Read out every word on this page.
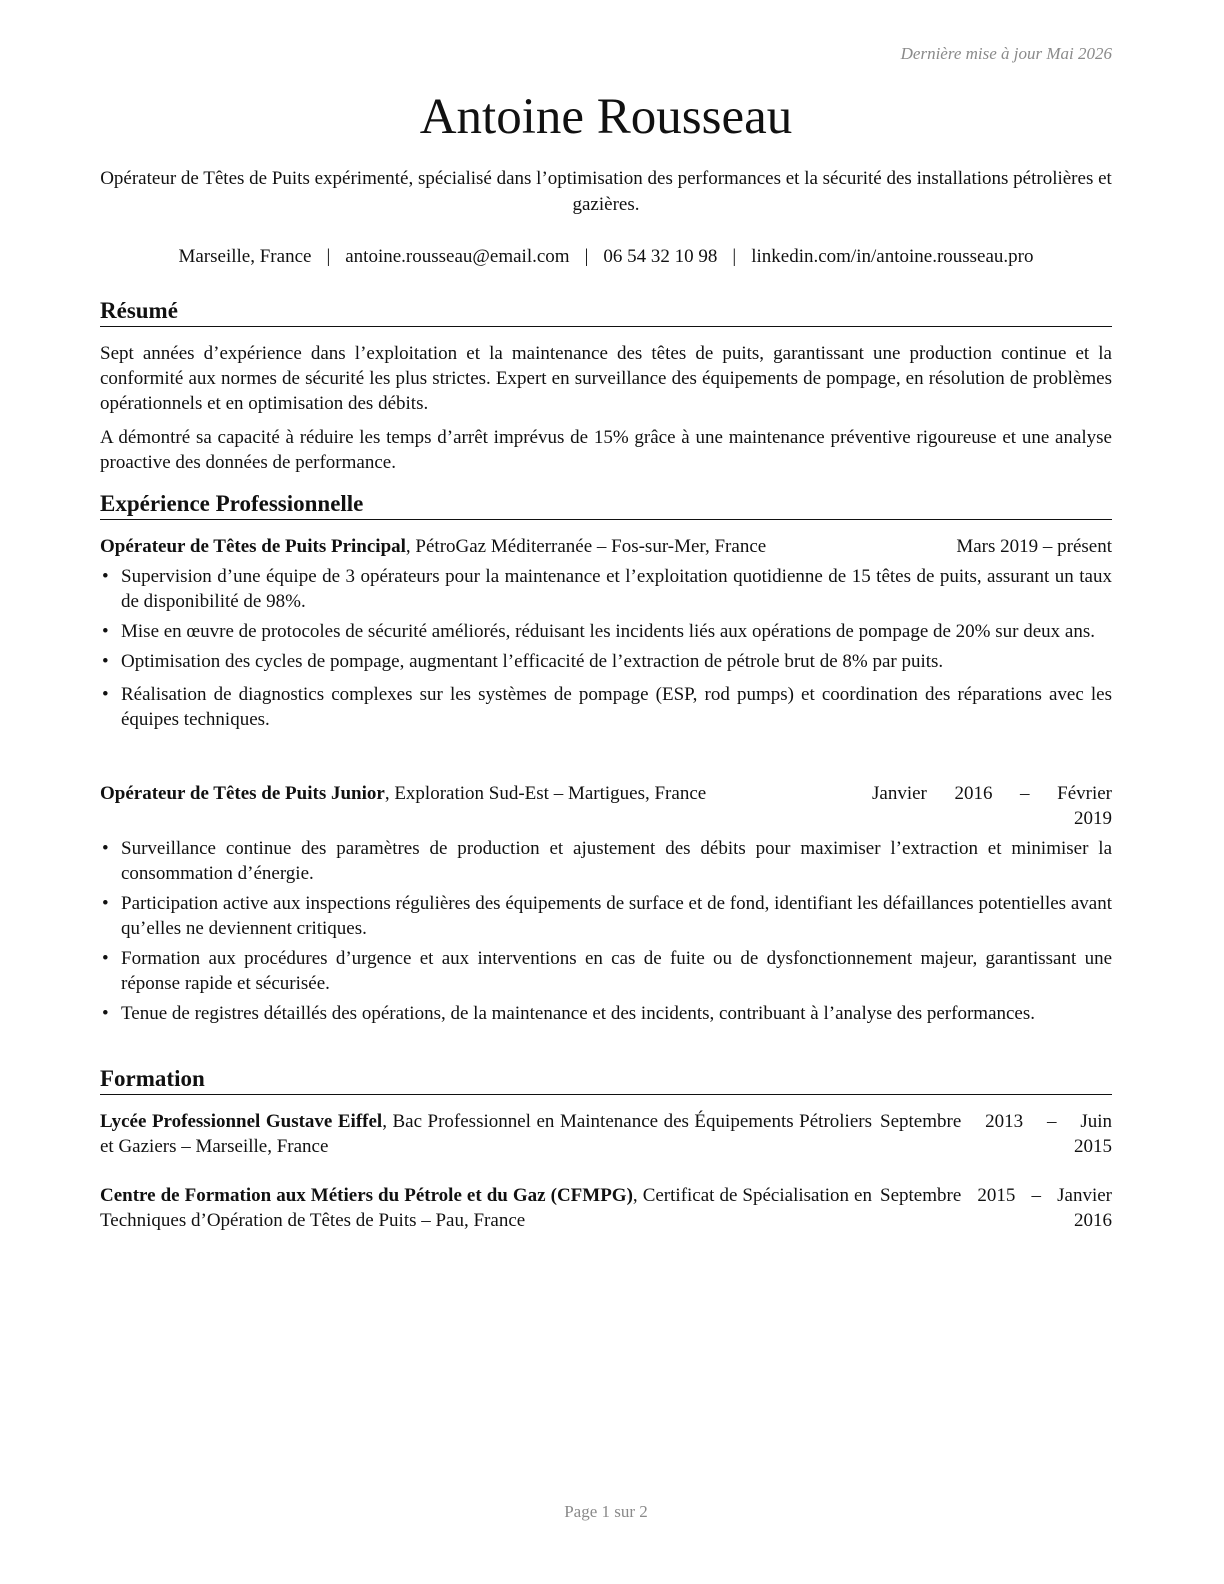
Dernière mise à jour Mai 2026
Antoine Rousseau
Opérateur de Têtes de Puits expérimenté, spécialisé dans l’optimisation des performances et la sécurité des installations pétrolières et gazières.
Marseille, France | antoine.rousseau@email.com | 06 54 32 10 98 | linkedin.com/in/antoine.rousseau.pro
Résumé
Sept années d’expérience dans l’exploitation et la maintenance des têtes de puits, garantissant une production continue et la conformité aux normes de sécurité les plus strictes. Expert en surveillance des équipements de pompage, en résolution de problèmes opérationnels et en optimisation des débits.
A démontré sa capacité à réduire les temps d’arrêt imprévus de 15% grâce à une maintenance préventive rigoureuse et une analyse proactive des données de performance.
Expérience Professionnelle
Opérateur de Têtes de Puits Principal, PétroGaz Méditerranée – Fos-sur-Mer, France	Mars 2019 – présent
• Supervision d’une équipe de 3 opérateurs pour la maintenance et l’exploitation quotidienne de 15 têtes de puits, assurant un taux de disponibilité de 98%.
• Mise en œuvre de protocoles de sécurité améliorés, réduisant les incidents liés aux opérations de pompage de 20% sur deux ans.
• Optimisation des cycles de pompage, augmentant l’efficacité de l’extraction de pétrole brut de 8% par puits.
• Réalisation de diagnostics complexes sur les systèmes de pompage (ESP, rod pumps) et coordination des réparations avec les équipes techniques.
Opérateur de Têtes de Puits Junior, Exploration Sud-Est – Martigues, France	Janvier 2016 – Février
2019
• Surveillance continue des paramètres de production et ajustement des débits pour maximiser l’extraction et minimiser la consommation d’énergie.
• Participation active aux inspections régulières des équipements de surface et de fond, identifiant les défaillances potentielles avant qu’elles ne deviennent critiques.
• Formation aux procédures d’urgence et aux interventions en cas de fuite ou de dysfonctionnement majeur, garantissant une réponse rapide et sécurisée.
• Tenue de registres détaillés des opérations, de la maintenance et des incidents, contribuant à l’analyse des performances.
Formation
Lycée Professionnel Gustave Eiffel, Bac Professionnel en Maintenance des Équipements Pétroliers et Gaziers – Marseille, France
Septembre 2013 – Juin
2015
Centre de Formation aux Métiers du Pétrole et du Gaz (CFMPG), Certificat de Spécialisation en Techniques d’Opération de Têtes de Puits – Pau, France
Septembre 2015 – Janvier
2016
Page 1 sur 2
